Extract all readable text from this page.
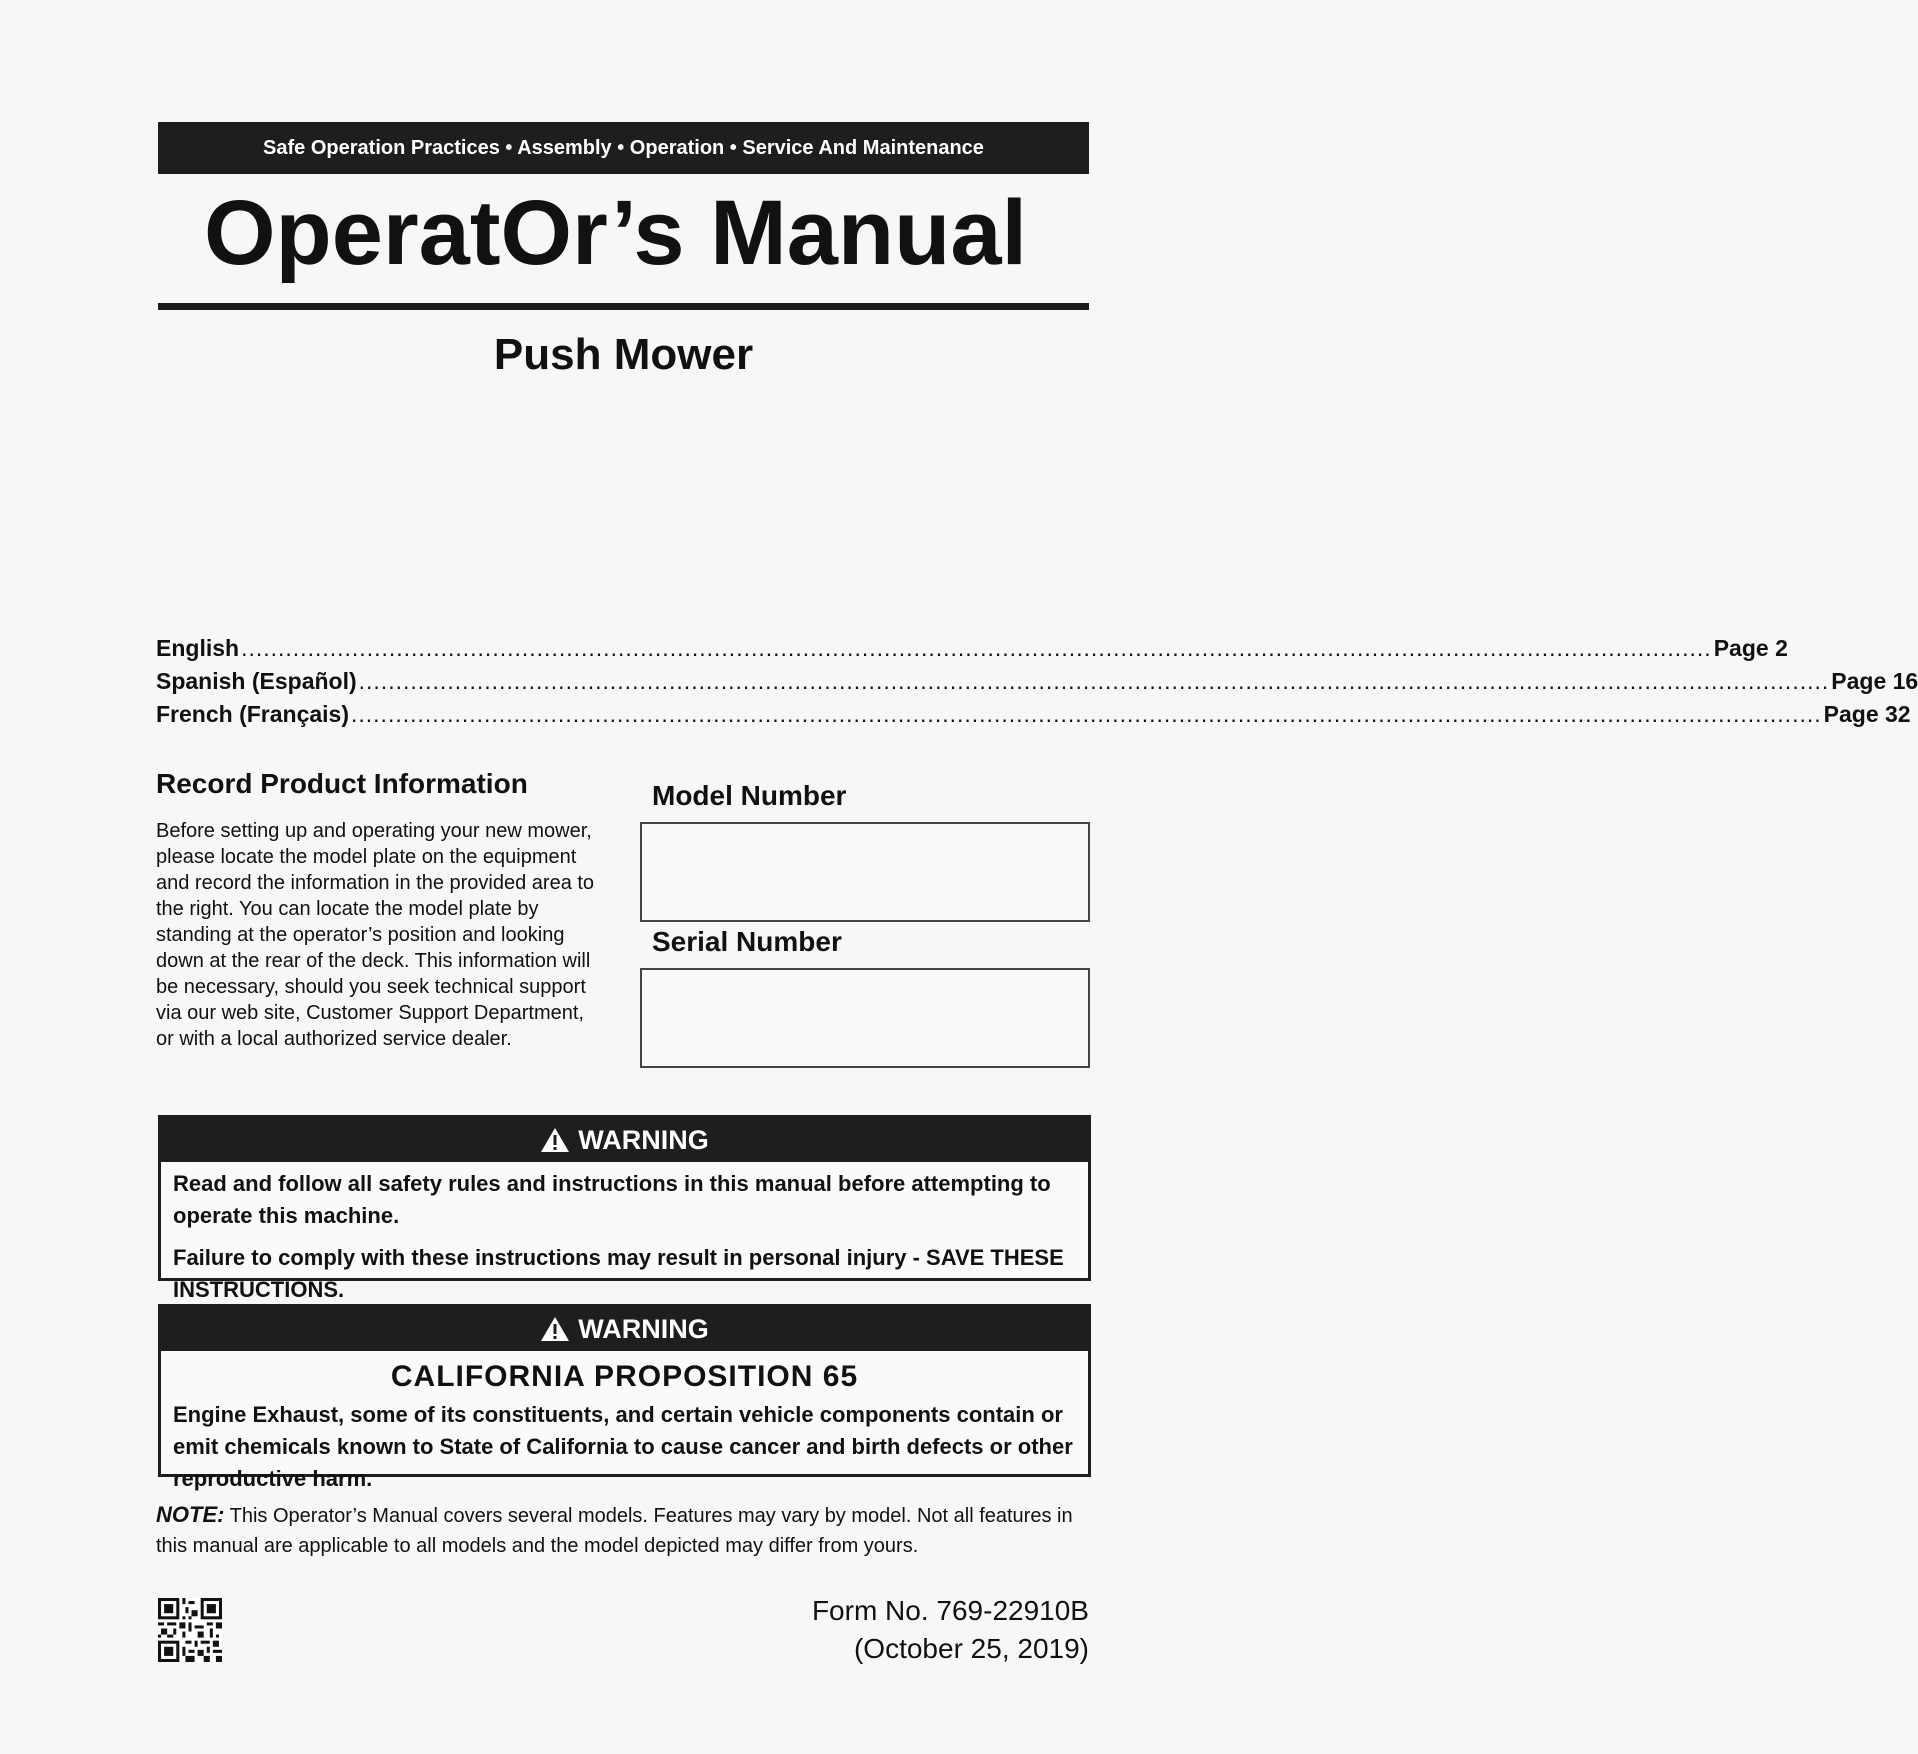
Safe Operation Practices • Assembly • Operation • Service And Maintenance
OperatOr’s Manual
Push Mower
English ....................................................................................................................................................................................................... Page 2
Spanish (Español) ....................................................................................................................................................................................................... Page 16
French (Français) ....................................................................................................................................................................................................... Page 32
Record Product Information
Before setting up and operating your new mower, please locate the model plate on the equipment and record the information in the provided area to the right. You can locate the model plate by standing at the operator’s position and looking down at the rear of the deck. This information will be necessary, should you seek technical support via our web site, Customer Support Department, or with a local authorized service dealer.
Model Number
Serial Number
WARNING

Read and follow all safety rules and instructions in this manual before attempting to operate this machine.

Failure to comply with these instructions may result in personal injury - SAVE THESE INSTRUCTIONS.

WARNING
CALIFORNIA PROPOSITION 65
Engine Exhaust, some of its constituents, and certain vehicle components contain or emit chemicals known to State of California to cause cancer and birth defects or other reproductive harm.
NOTE: This Operator’s Manual covers several models. Features may vary by model. Not all features in this manual are applicable to all models and the model depicted may differ from yours.
Form No. 769-22910B
(October 25, 2019)
